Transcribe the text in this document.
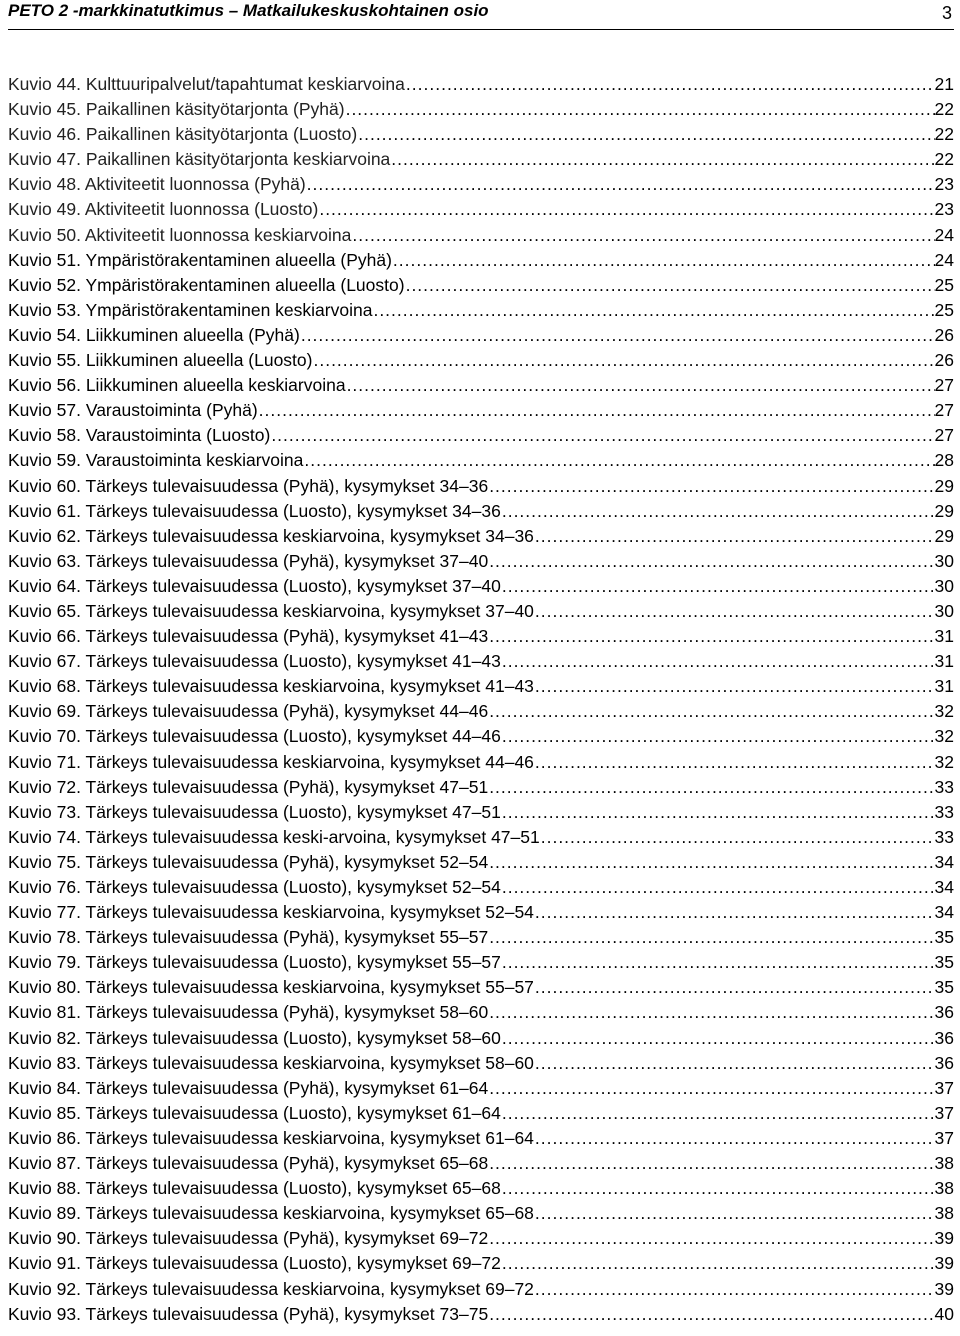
PETO 2 -markkinatutkimus – Matkailukeskuskohtainen osio	3
Kuvio 44. Kulttuuripalvelut/tapahtumat keskiarvoina .....	21
Kuvio 45. Paikallinen käsityötarjonta (Pyhä) .....	22
Kuvio 46. Paikallinen käsityötarjonta (Luosto) .....	22
Kuvio 47. Paikallinen käsityötarjonta keskiarvoina .....	22
Kuvio 48. Aktiviteetit luonnossa (Pyhä) .....	23
Kuvio 49. Aktiviteetit luonnossa (Luosto) .....	23
Kuvio 50. Aktiviteetit luonnossa keskiarvoina .....	24
Kuvio 51. Ympäristörakentaminen alueella (Pyhä) .....	24
Kuvio 52. Ympäristörakentaminen alueella (Luosto) .....	25
Kuvio 53. Ympäristörakentaminen keskiarvoina .....	25
Kuvio 54. Liikkuminen alueella (Pyhä) .....	26
Kuvio 55. Liikkuminen alueella (Luosto) .....	26
Kuvio 56. Liikkuminen alueella keskiarvoina .....	27
Kuvio 57. Varaustoiminta (Pyhä) .....	27
Kuvio 58. Varaustoiminta (Luosto) .....	27
Kuvio 59. Varaustoiminta keskiarvoina .....	28
Kuvio 60. Tärkeys tulevaisuudessa (Pyhä), kysymykset 34–36 .....	29
Kuvio 61. Tärkeys tulevaisuudessa (Luosto), kysymykset 34–36 .....	29
Kuvio 62. Tärkeys tulevaisuudessa keskiarvoina, kysymykset 34–36 .....	29
Kuvio 63. Tärkeys tulevaisuudessa (Pyhä), kysymykset 37–40 .....	30
Kuvio 64. Tärkeys tulevaisuudessa (Luosto), kysymykset 37–40 .....	30
Kuvio 65. Tärkeys tulevaisuudessa keskiarvoina, kysymykset 37–40 .....	30
Kuvio 66. Tärkeys tulevaisuudessa (Pyhä), kysymykset 41–43 .....	31
Kuvio 67. Tärkeys tulevaisuudessa (Luosto), kysymykset 41–43 .....	31
Kuvio 68. Tärkeys tulevaisuudessa keskiarvoina, kysymykset 41–43 .....	31
Kuvio 69. Tärkeys tulevaisuudessa (Pyhä), kysymykset 44–46 .....	32
Kuvio 70. Tärkeys tulevaisuudessa (Luosto), kysymykset 44–46 .....	32
Kuvio 71. Tärkeys tulevaisuudessa keskiarvoina, kysymykset 44–46 .....	32
Kuvio 72. Tärkeys tulevaisuudessa (Pyhä), kysymykset 47–51 .....	33
Kuvio 73. Tärkeys tulevaisuudessa (Luosto), kysymykset 47–51 .....	33
Kuvio 74. Tärkeys tulevaisuudessa keski-arvoina, kysymykset 47–51 .....	33
Kuvio 75. Tärkeys tulevaisuudessa (Pyhä), kysymykset 52–54 .....	34
Kuvio 76. Tärkeys tulevaisuudessa (Luosto), kysymykset 52–54 .....	34
Kuvio 77. Tärkeys tulevaisuudessa keskiarvoina, kysymykset 52–54 .....	34
Kuvio 78. Tärkeys tulevaisuudessa (Pyhä), kysymykset 55–57 .....	35
Kuvio 79. Tärkeys tulevaisuudessa (Luosto), kysymykset 55–57 .....	35
Kuvio 80. Tärkeys tulevaisuudessa keskiarvoina, kysymykset 55–57 .....	35
Kuvio 81. Tärkeys tulevaisuudessa (Pyhä), kysymykset 58–60 .....	36
Kuvio 82. Tärkeys tulevaisuudessa (Luosto), kysymykset 58–60 .....	36
Kuvio 83. Tärkeys tulevaisuudessa keskiarvoina, kysymykset 58–60 .....	36
Kuvio 84. Tärkeys tulevaisuudessa (Pyhä), kysymykset 61–64 .....	37
Kuvio 85. Tärkeys tulevaisuudessa (Luosto), kysymykset 61–64 .....	37
Kuvio 86. Tärkeys tulevaisuudessa keskiarvoina, kysymykset 61–64 .....	37
Kuvio 87. Tärkeys tulevaisuudessa (Pyhä), kysymykset 65–68 .....	38
Kuvio 88. Tärkeys tulevaisuudessa (Luosto), kysymykset 65–68 .....	38
Kuvio 89. Tärkeys tulevaisuudessa keskiarvoina, kysymykset 65–68 .....	38
Kuvio 90. Tärkeys tulevaisuudessa (Pyhä), kysymykset 69–72 .....	39
Kuvio 91. Tärkeys tulevaisuudessa (Luosto), kysymykset 69–72 .....	39
Kuvio 92. Tärkeys tulevaisuudessa keskiarvoina, kysymykset 69–72 .....	39
Kuvio 93. Tärkeys tulevaisuudessa (Pyhä), kysymykset 73–75 .....	40
